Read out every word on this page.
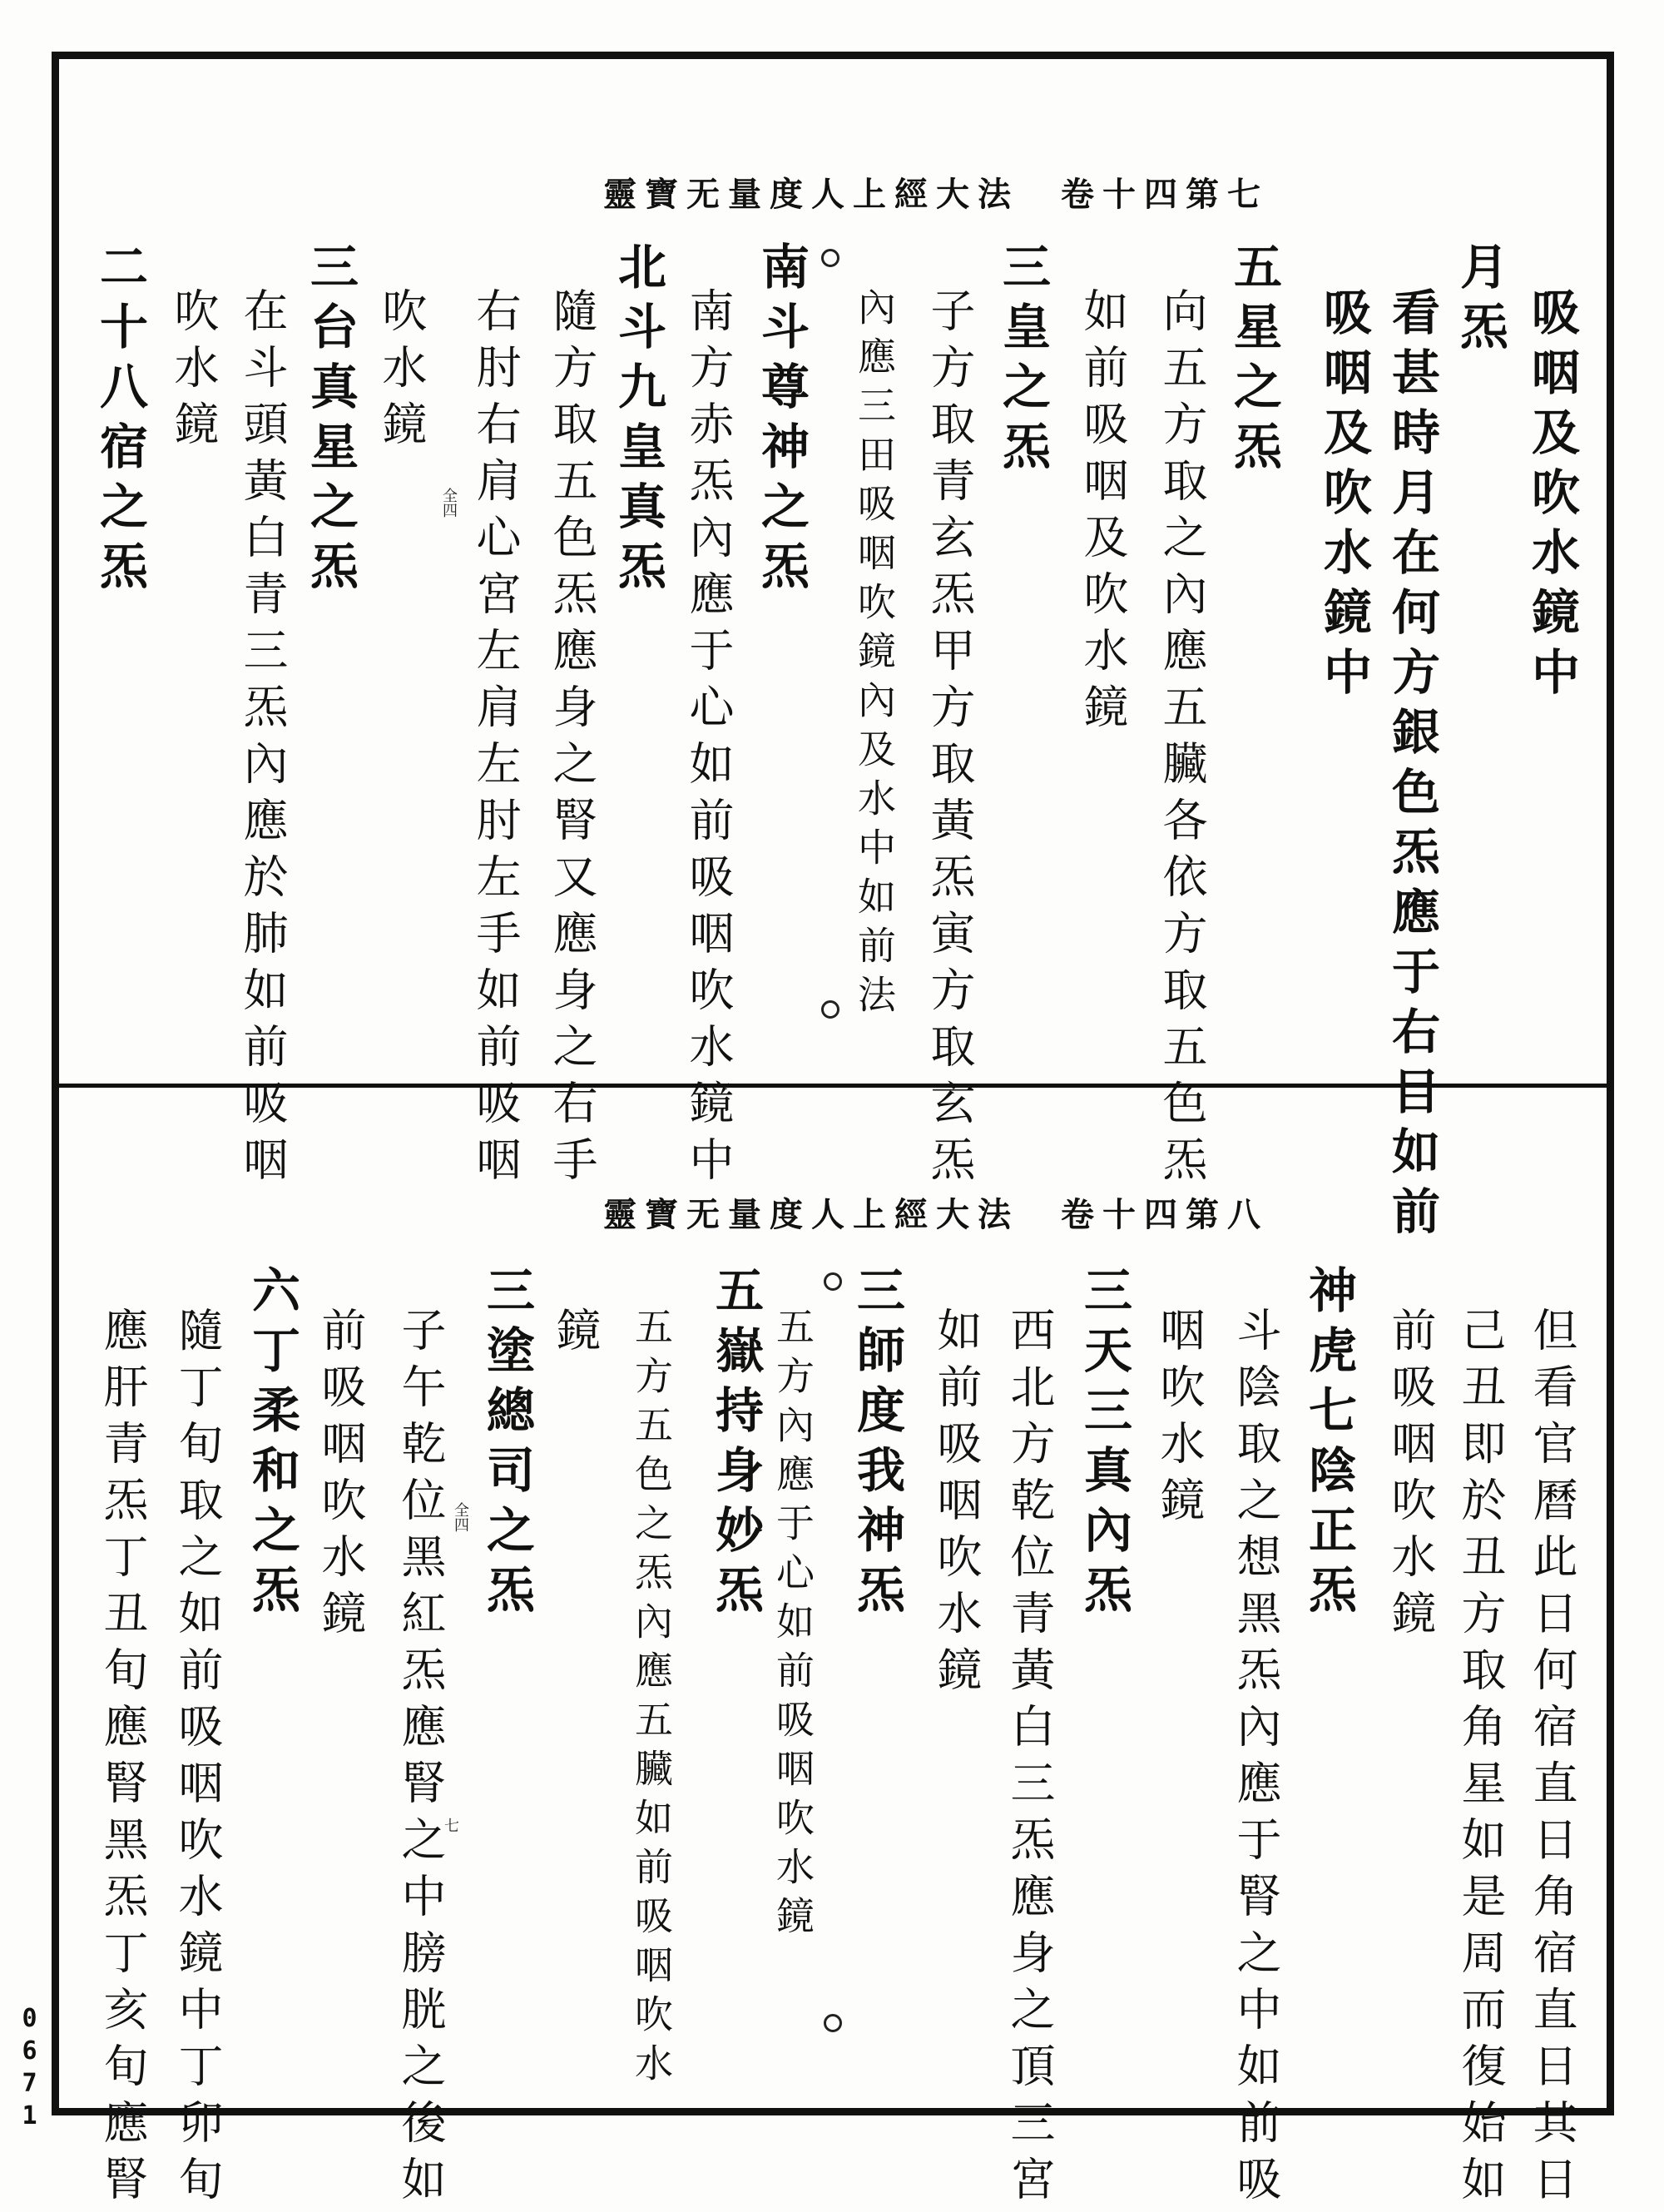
靈寶无量度人上經大法　卷十四第七
吸咽及吹水鏡中
月炁
看甚時月在何方銀色炁應于右目如前
吸咽及吹水鏡中
五星之炁
向五方取之內應五臟各依方取五色炁
如前吸咽及吹水鏡
三皇之炁
子方取青玄炁甲方取黃炁寅方取玄炁
內應三田吸咽吹鏡內及水中如前法
南斗尊神之炁
南方赤炁內應于心如前吸咽吹水鏡中
北斗九皇真炁
隨方取五色炁應身之腎又應身之右手
右肘右肩心宮左肩左肘左手如前吸咽
吹水鏡
三台真星之炁
在斗頭黃白青三炁內應於肺如前吸咽
吹水鏡
二十八宿之炁	全四
靈寶无量度人上經大法　卷十四第八
但看官曆此日何宿直日角宿直日其日
己丑即於丑方取角星如是周而復始如
前吸咽吹水鏡
神虎七陰正炁
斗陰取之想黑炁內應于腎之中如前吸
咽吹水鏡
三天三真內炁
西北方乾位青黃白三炁應身之頂三宮
如前吸咽吹水鏡
三師度我神炁
五方內應于心如前吸咽吹水鏡
五嶽持身妙炁
五方五色之炁內應五臟如前吸咽吹水
鏡
三塗總司之炁
子午乾位黑紅炁應腎之中膀胱之後如
前吸咽吹水鏡
六丁柔和之炁
隨丁旬取之如前吸咽吹水鏡中丁卯旬
應肝青炁丁丑旬應腎黑炁丁亥旬應腎	全四
七
0671
